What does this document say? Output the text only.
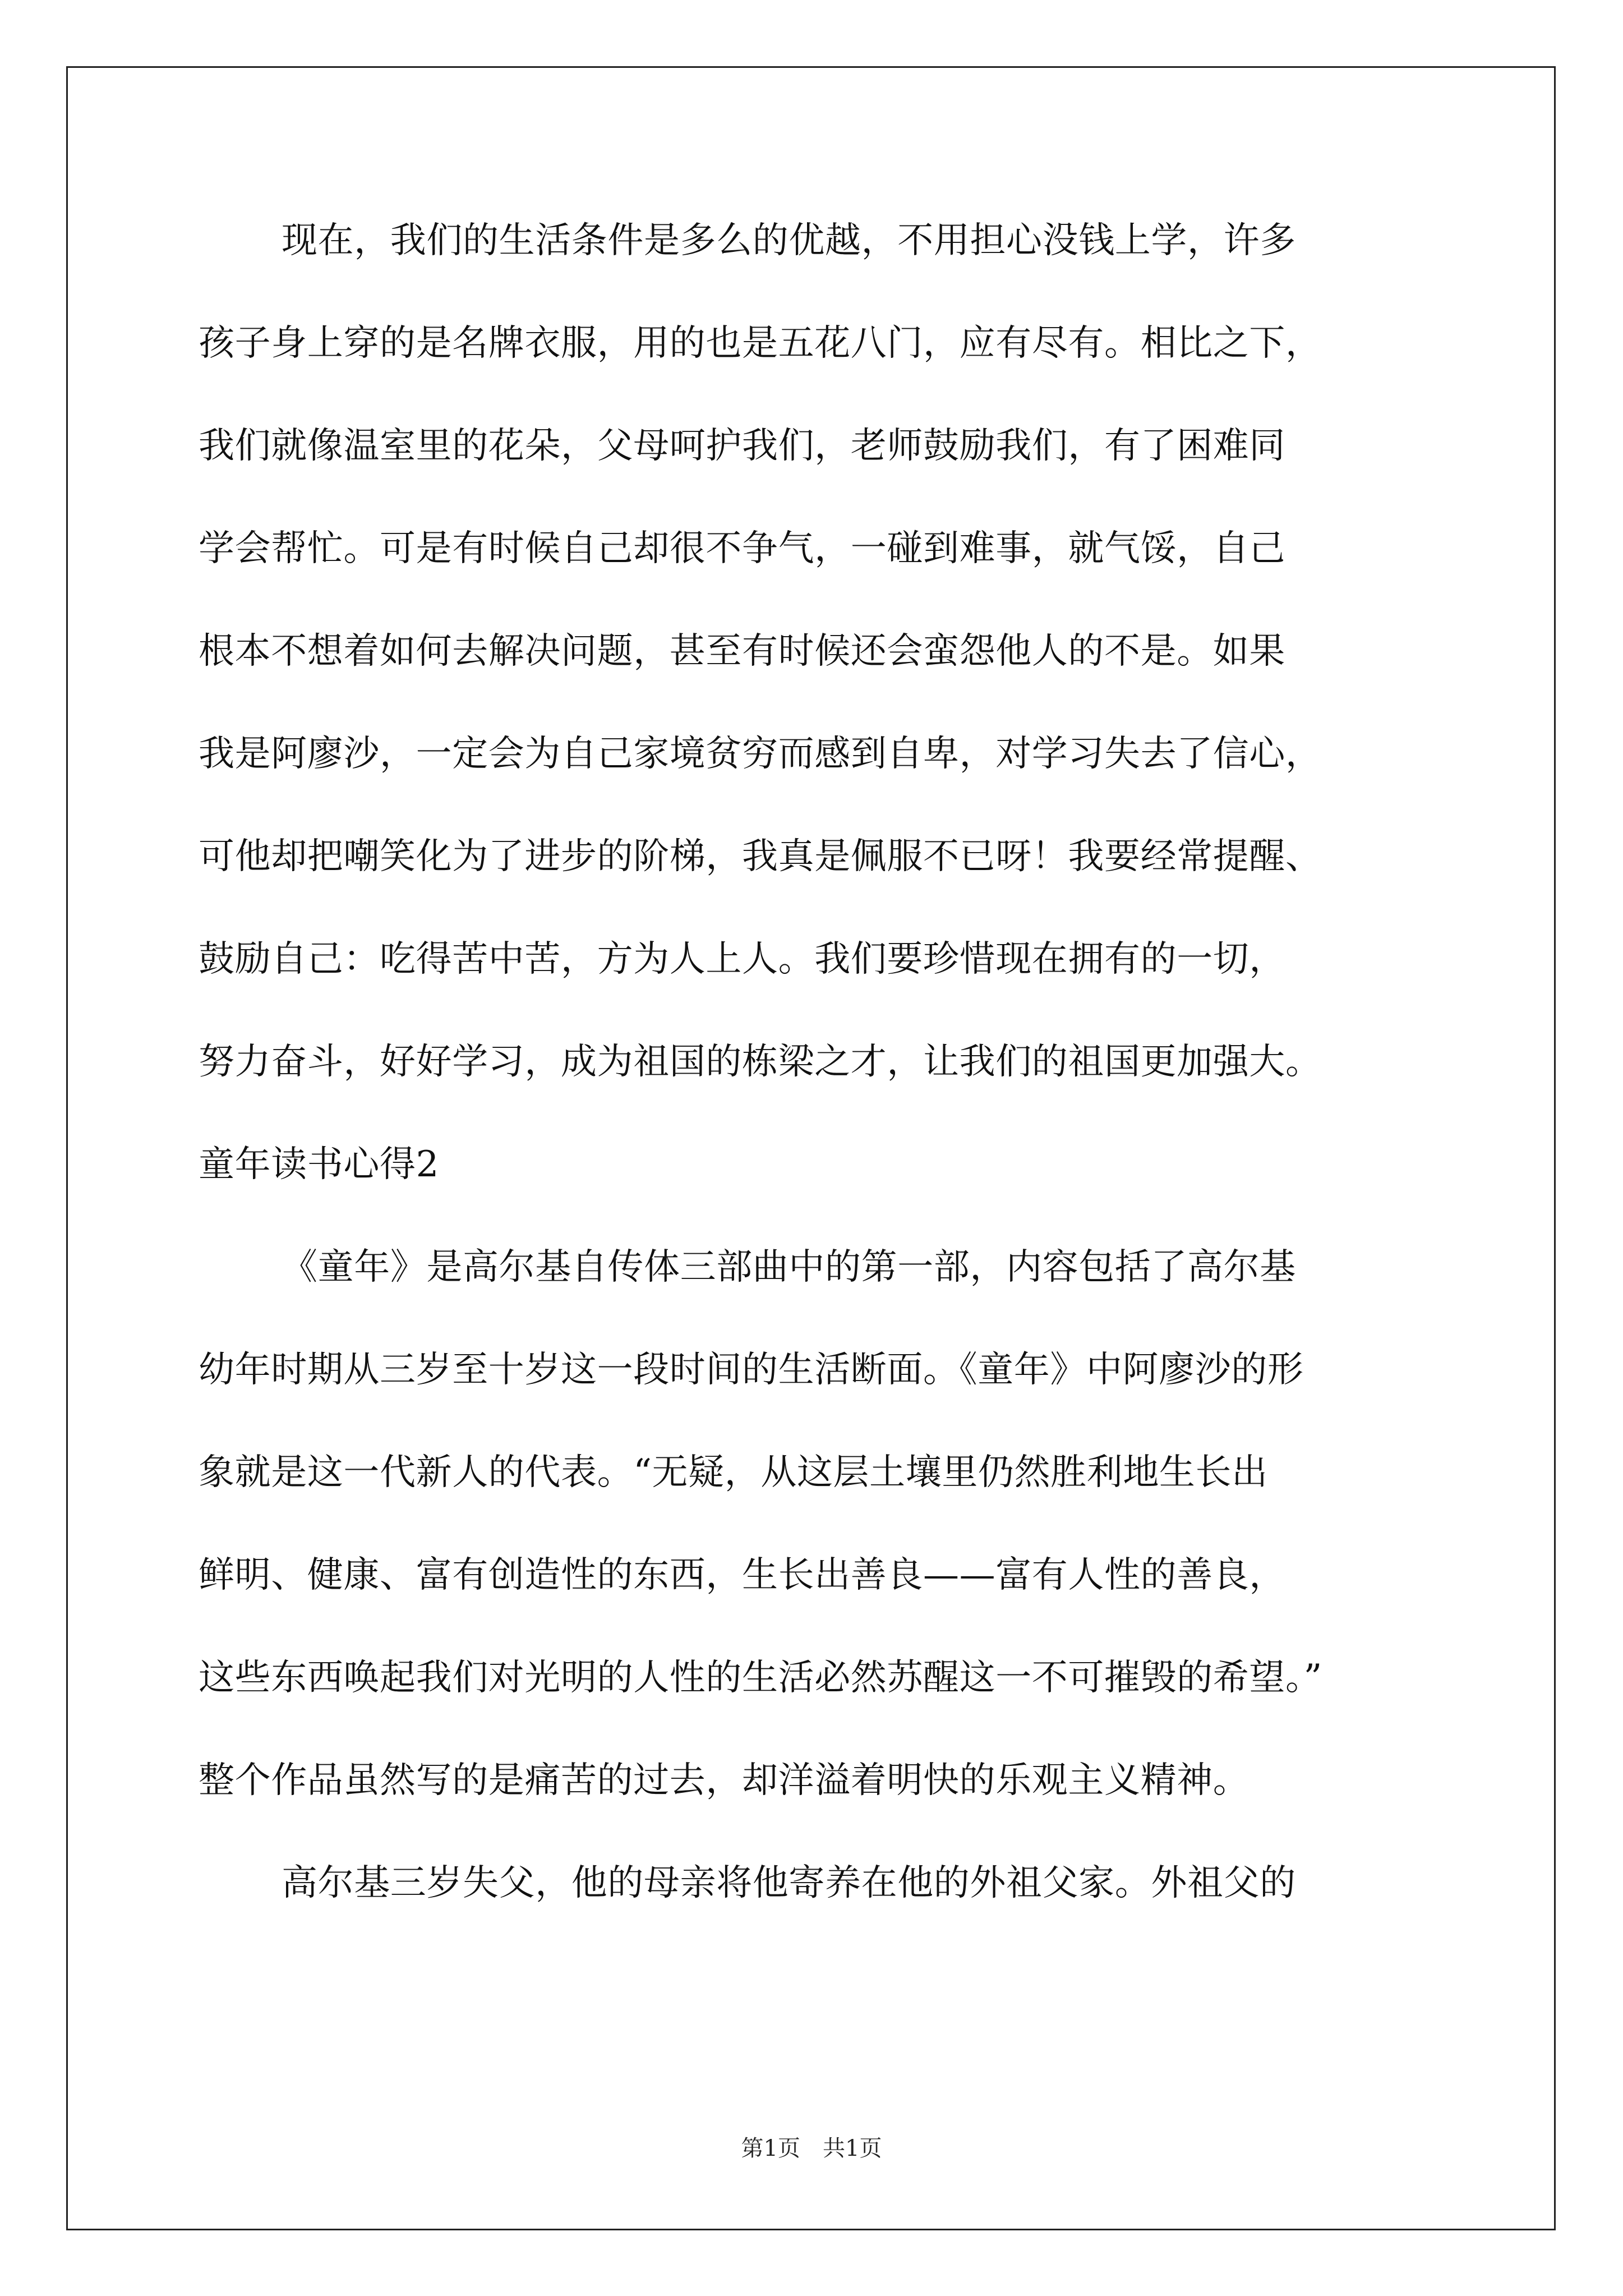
现在，我们的生活条件是多么的优越，不用担心没钱上学，许多
孩子身上穿的是名牌衣服，用的也是五花八门，应有尽有。相比之下，
我们就像温室里的花朵，父母呵护我们，老师鼓励我们，有了困难同
学会帮忙。可是有时候自己却很不争气，一碰到难事，就气馁，自己
根本不想着如何去解决问题，甚至有时候还会蛮怨他人的不是。如果
我是阿廖沙，一定会为自己家境贫穷而感到自卑，对学习失去了信心，
可他却把嘲笑化为了进步的阶梯，我真是佩服不已呀！我要经常提醒、
鼓励自己：吃得苦中苦，方为人上人。我们要珍惜现在拥有的一切，
努力奋斗，好好学习，成为祖国的栋梁之才，让我们的祖国更加强大。
童年读书心得2
《童年》是高尔基自传体三部曲中的第一部，内容包括了高尔基
幼年时期从三岁至十岁这一段时间的生活断面。《童年》中阿廖沙的形
象就是这一代新人的代表。“无疑，从这层土壤里仍然胜利地生长出
鲜明、健康、富有创造性的东西，生长出善良——富有人性的善良，
这些东西唤起我们对光明的人性的生活必然苏醒这一不可摧毁的希望。”
整个作品虽然写的是痛苦的过去，却洋溢着明快的乐观主义精神。
高尔基三岁失父，他的母亲将他寄养在他的外祖父家。外祖父的
第1页　共1页
